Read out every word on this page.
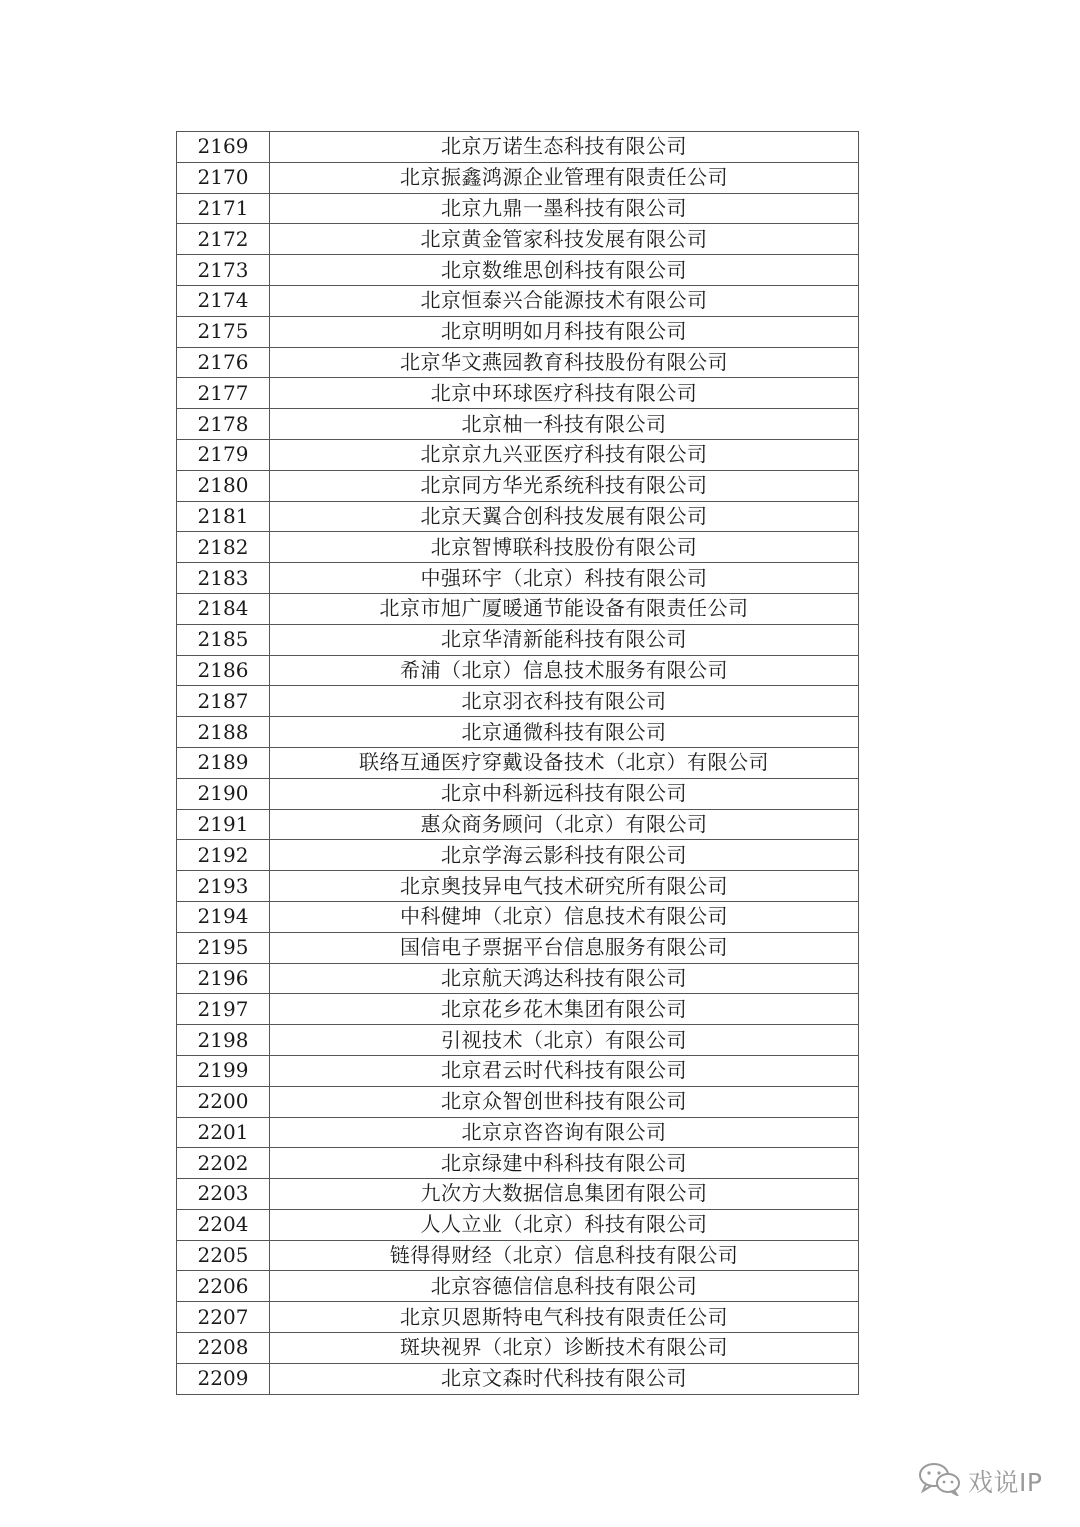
2169	北京万诺生态科技有限公司
2170	北京振鑫鸿源企业管理有限责任公司
2171	北京九鼎一墨科技有限公司
2172	北京黄金管家科技发展有限公司
2173	北京数维思创科技有限公司
2174	北京恒泰兴合能源技术有限公司
2175	北京明明如月科技有限公司
2176	北京华文燕园教育科技股份有限公司
2177	北京中环球医疗科技有限公司
2178	北京柚一科技有限公司
2179	北京京九兴亚医疗科技有限公司
2180	北京同方华光系统科技有限公司
2181	北京天翼合创科技发展有限公司
2182	北京智博联科技股份有限公司
2183	中强环宇（北京）科技有限公司
2184	北京市旭广厦暖通节能设备有限责任公司
2185	北京华清新能科技有限公司
2186	希浦（北京）信息技术服务有限公司
2187	北京羽衣科技有限公司
2188	北京通微科技有限公司
2189	联络互通医疗穿戴设备技术（北京）有限公司
2190	北京中科新远科技有限公司
2191	惠众商务顾问（北京）有限公司
2192	北京学海云影科技有限公司
2193	北京奥技异电气技术研究所有限公司
2194	中科健坤（北京）信息技术有限公司
2195	国信电子票据平台信息服务有限公司
2196	北京航天鸿达科技有限公司
2197	北京花乡花木集团有限公司
2198	引视技术（北京）有限公司
2199	北京君云时代科技有限公司
2200	北京众智创世科技有限公司
2201	北京京咨咨询有限公司
2202	北京绿建中科科技有限公司
2203	九次方大数据信息集团有限公司
2204	人人立业（北京）科技有限公司
2205	链得得财经（北京）信息科技有限公司
2206	北京容德信信息科技有限公司
2207	北京贝恩斯特电气科技有限责任公司
2208	斑块视界（北京）诊断技术有限公司
2209	北京文森时代科技有限公司
戏说IP
